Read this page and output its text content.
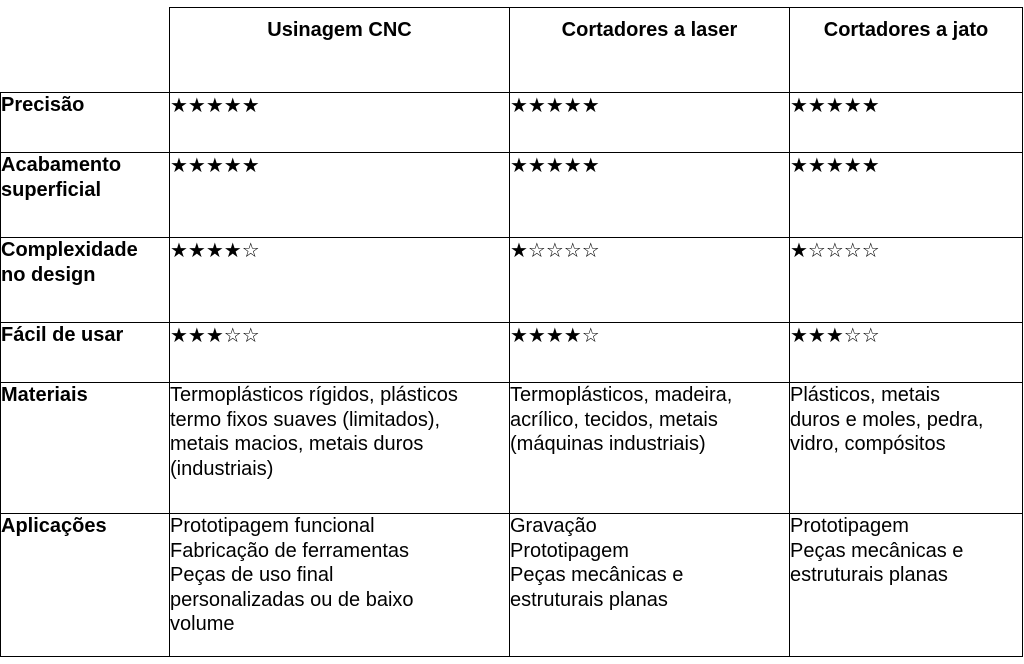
	Usinagem CNC	Cortadores a laser	Cortadores a jato

Precisão	★★★★★	★★★★★	★★★★★

Acabamento
superficial	★★★★★	★★★★★	★★★★★

Complexidade
no design	★★★★☆	★☆☆☆☆	★☆☆☆☆

Fácil de usar	★★★☆☆	★★★★☆	★★★☆☆

Materiais	Termoplásticos rígidos, plásticos
termo fixos suaves (limitados),
metais macios, metais duros
(industriais)	Termoplásticos, madeira,
acrílico, tecidos, metais
(máquinas industriais)	Plásticos, metais
duros e moles, pedra,
vidro, compósitos

Aplicações	Prototipagem funcional
Fabricação de ferramentas
Peças de uso final
personalizadas ou de baixo
volume	Gravação
Prototipagem
Peças mecânicas e
estruturais planas	Prototipagem
Peças mecânicas e
estruturais planas
